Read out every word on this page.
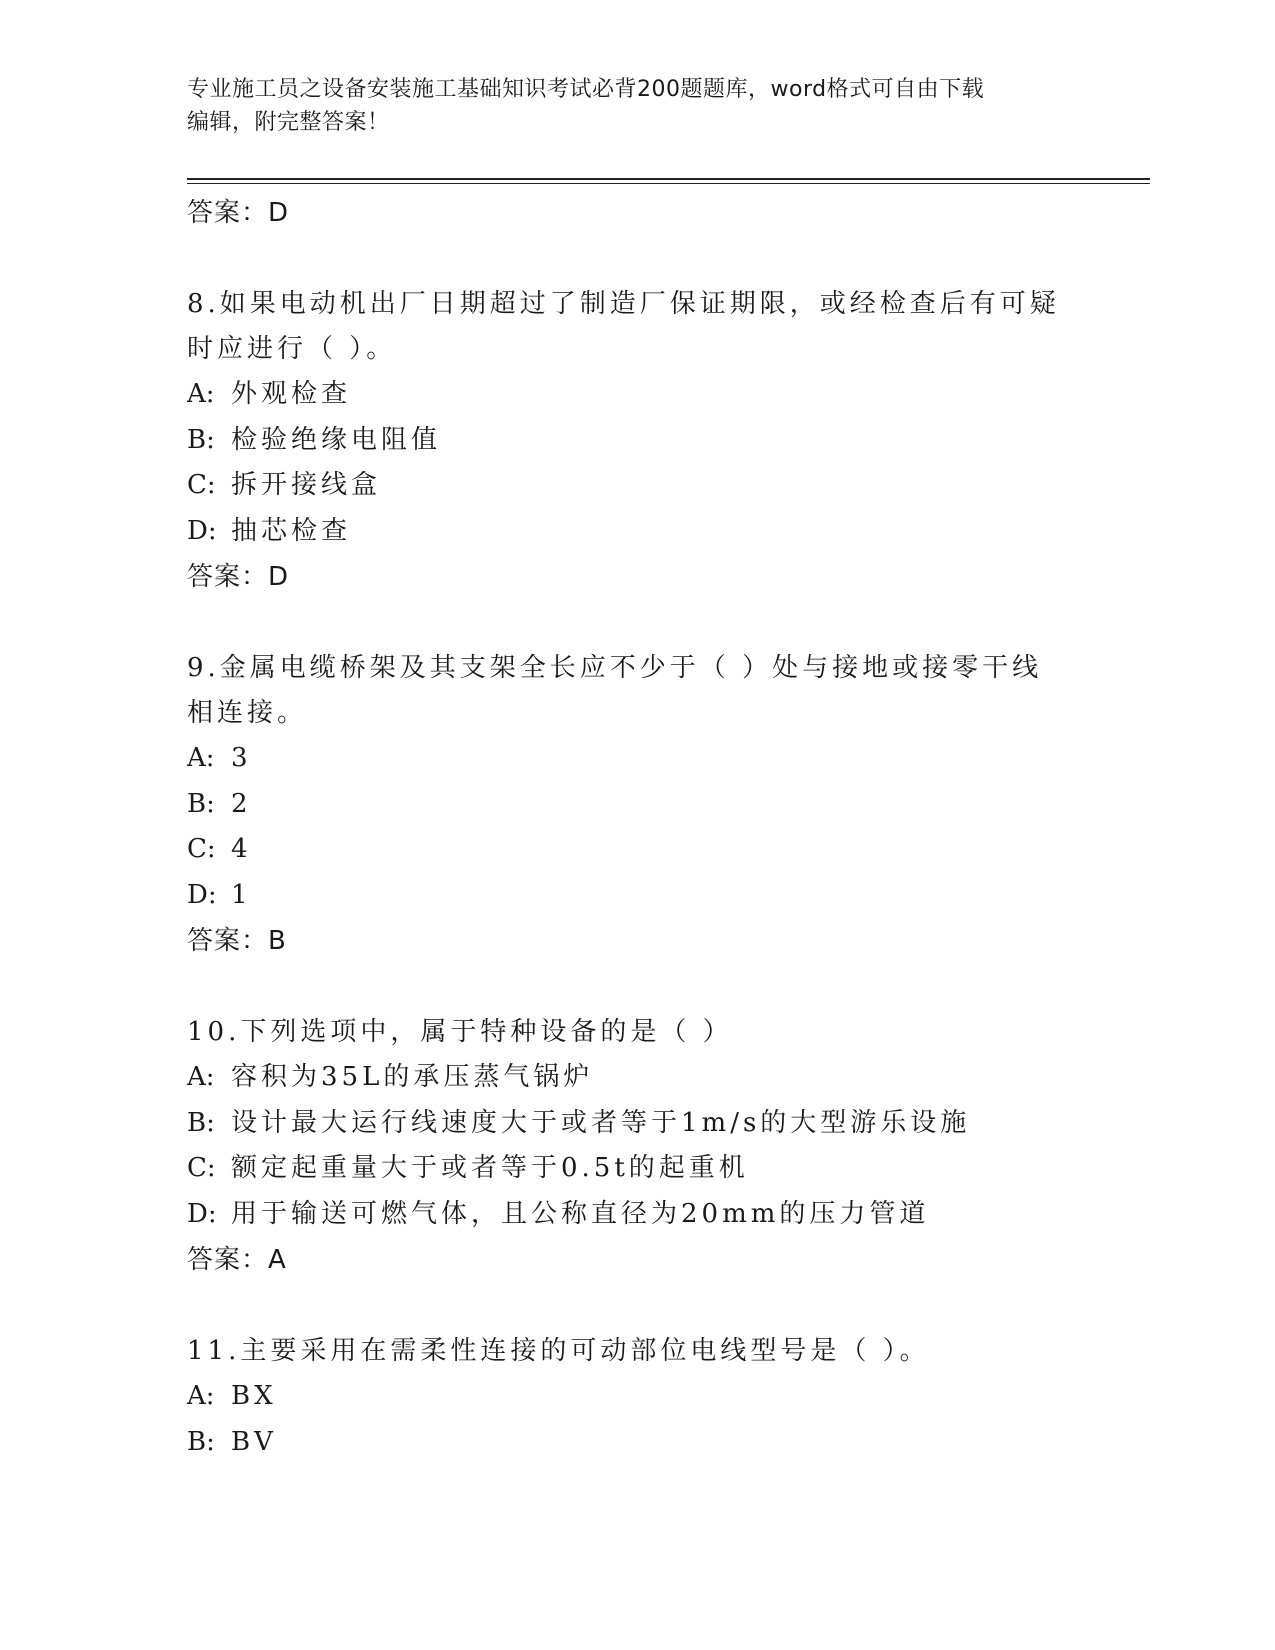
专业施工员之设备安装施工基础知识考试必背200题题库，word格式可自由下载
编辑，附完整答案！
答案：D
8.如果电动机出厂日期超过了制造厂保证期限，或经检查后有可疑时应进行（ ）。
A: 外观检查
B: 检验绝缘电阻值
C: 拆开接线盒
D: 抽芯检查
答案：D
9.金属电缆桥架及其支架全长应不少于（ ）处与接地或接零干线相连接。
A: 3
B: 2
C: 4
D: 1
答案：B
10.下列选项中，属于特种设备的是（ ）
A: 容积为35L的承压蒸气锅炉
B: 设计最大运行线速度大于或者等于1m/s的大型游乐设施
C: 额定起重量大于或者等于0.5t的起重机
D: 用于输送可燃气体，且公称直径为20mm的压力管道
答案：A
11.主要采用在需柔性连接的可动部位电线型号是（ ）。
A: BX
B: BV
